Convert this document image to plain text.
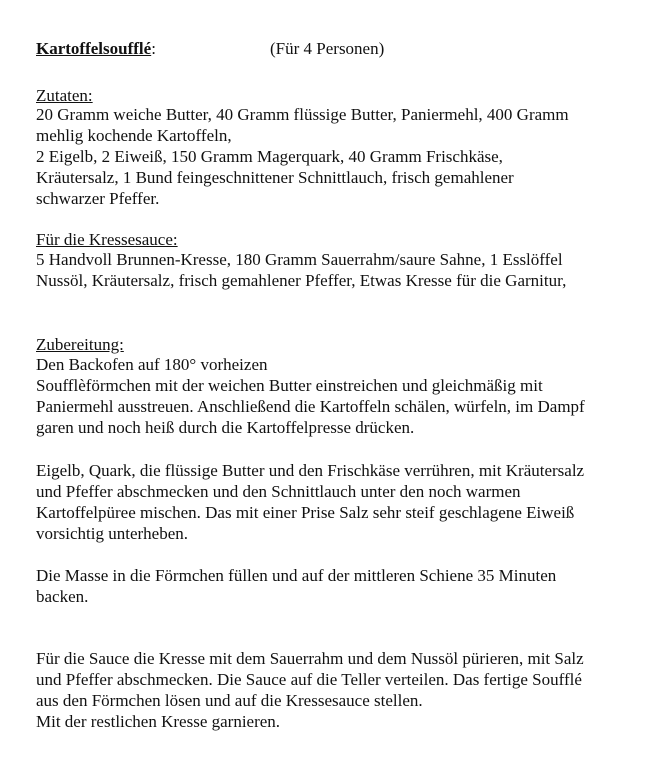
Kartoffelsoufflé:	(Für 4 Personen)
Zutaten:
20 Gramm weiche Butter, 40 Gramm flüssige Butter, Paniermehl, 400 Gramm
mehlig kochende Kartoffeln,
2 Eigelb, 2 Eiweiß, 150 Gramm Magerquark, 40 Gramm Frischkäse,
Kräutersalz, 1 Bund feingeschnittener Schnittlauch, frisch gemahlener
schwarzer Pfeffer.
Für die Kressesauce:
5 Handvoll Brunnen-Kresse, 180 Gramm Sauerrahm/saure Sahne, 1 Esslöffel
Nussöl, Kräutersalz, frisch gemahlener Pfeffer, Etwas Kresse für die Garnitur,
Zubereitung:
Den Backofen auf 180° vorheizen
Soufflèförmchen mit der weichen Butter einstreichen und gleichmäßig mit
Paniermehl ausstreuen. Anschließend die Kartoffeln schälen, würfeln, im Dampf
garen und noch heiß durch die Kartoffelpresse drücken.
Eigelb, Quark, die flüssige Butter und den Frischkäse verrühren, mit Kräutersalz
und Pfeffer abschmecken und den Schnittlauch unter den noch warmen
Kartoffelpüree mischen. Das mit einer Prise Salz sehr steif geschlagene Eiweiß
vorsichtig unterheben.
Die Masse in die Förmchen füllen und auf der mittleren Schiene 35 Minuten
backen.
Für die Sauce die Kresse mit dem Sauerrahm und dem Nussöl pürieren, mit Salz
und Pfeffer abschmecken. Die Sauce auf die Teller verteilen. Das fertige Soufflé
aus den Förmchen lösen und auf die Kressesauce stellen.
Mit der restlichen Kresse garnieren.
